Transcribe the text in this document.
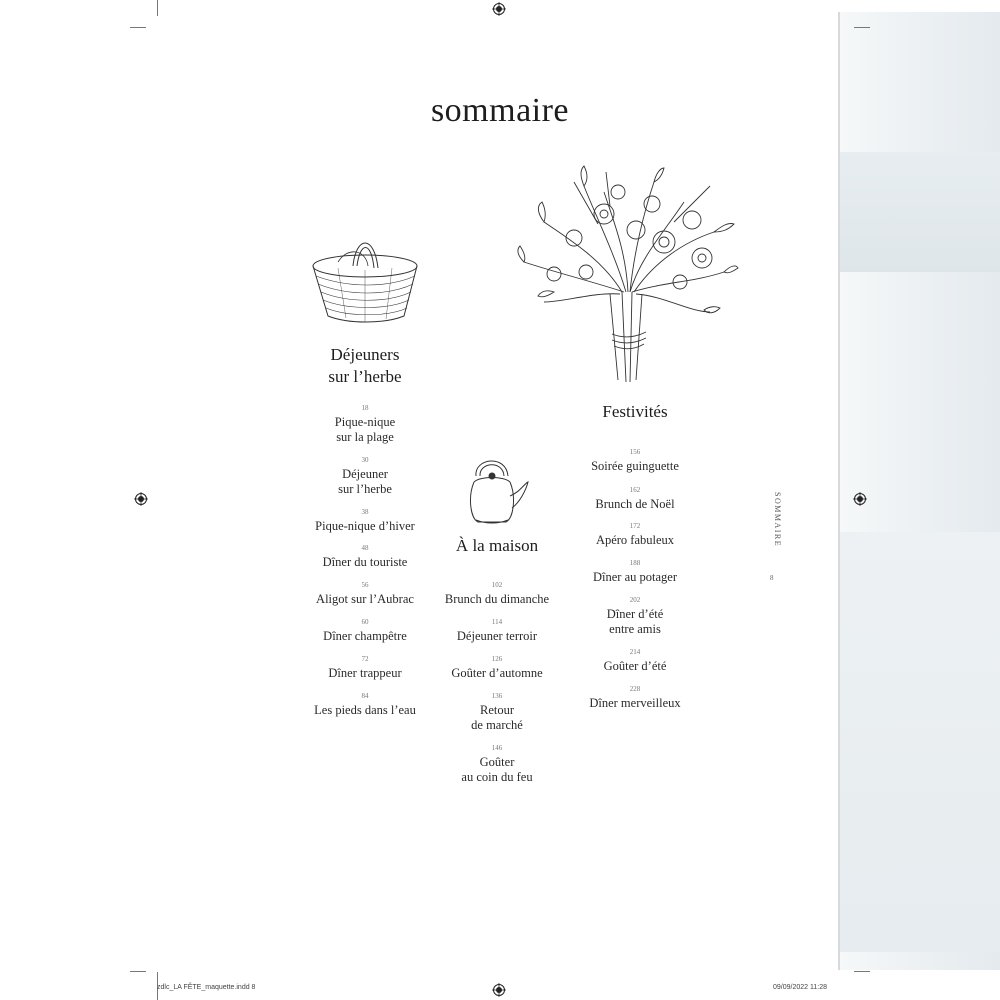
sommaire
Déjeuners
sur l’herbe
18
Pique-nique
sur la plage
30
Déjeuner
sur l’herbe
38
Pique-nique d’hiver
48
Dîner du touriste
56
Aligot sur l’Aubrac
60
Dîner champêtre
72
Dîner trappeur
84
Les pieds dans l’eau
À la maison
102
Brunch du dimanche
114
Déjeuner terroir
126
Goûter d’automne
136
Retour
de marché
146
Goûter
au coin du feu
Festivités
156
Soirée guinguette
162
Brunch de Noël
172
Apéro fabuleux
188
Dîner au potager
202
Dîner d’été
entre amis
214
Goûter d’été
228
Dîner merveilleux
SOMMAIRE
8
zdlc_LA FÊTE_maquette.indd 8	09/09/2022 11:28
